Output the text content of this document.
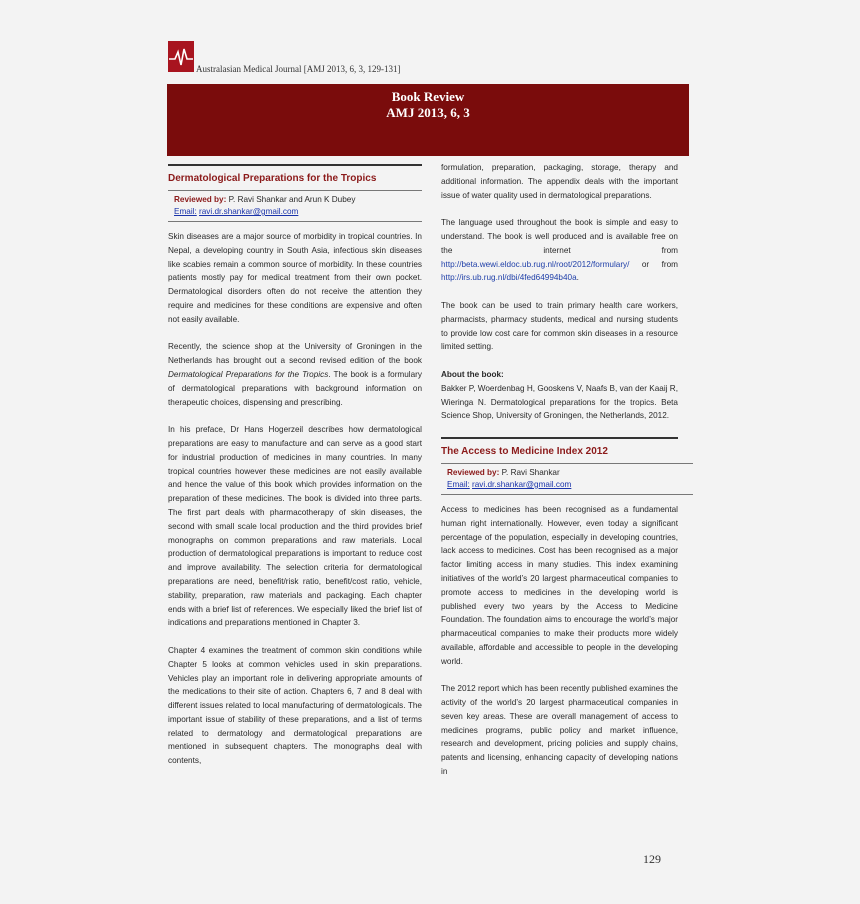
Australasian Medical Journal [AMJ 2013, 6, 3, 129-131]
Book Review
AMJ 2013, 6, 3
Dermatological Preparations for the Tropics
Reviewed by: P. Ravi Shankar and Arun K Dubey
Email: ravi.dr.shankar@gmail.com

Skin diseases are a major source of morbidity in tropical countries. In Nepal, a developing country in South Asia, infectious skin diseases like scabies remain a common source of morbidity. In these countries patients mostly pay for medical treatment from their own pocket. Dermatological disorders often do not receive the attention they require and medicines for these conditions are expensive and often not easily available.

Recently, the science shop at the University of Groningen in the Netherlands has brought out a second revised edition of the book Dermatological Preparations for the Tropics. The book is a formulary of dermatological preparations with background information on therapeutic choices, dispensing and prescribing.

In his preface, Dr Hans Hogerzeil describes how dermatological preparations are easy to manufacture and can serve as a good start for industrial production of medicines in many countries. In many tropical countries however these medicines are not easily available and hence the value of this book which provides information on the preparation of these medicines. The book is divided into three parts. The first part deals with pharmacotherapy of skin diseases, the second with small scale local production and the third provides brief monographs on common preparations and raw materials. Local production of dermatological preparations is important to reduce cost and improve availability. The selection criteria for dermatological preparations are need, benefit/risk ratio, benefit/cost ratio, vehicle, stability, preparation, raw materials and packaging. Each chapter ends with a brief list of references. We especially liked the brief list of indications and preparations mentioned in Chapter 3.

Chapter 4 examines the treatment of common skin conditions while Chapter 5 looks at common vehicles used in skin preparations. Vehicles play an important role in delivering appropriate amounts of the medications to their site of action. Chapters 6, 7 and 8 deal with different issues related to local manufacturing of dermatologicals. The important issue of stability of these preparations, and a list of terms related to dermatology and dermatological preparations are mentioned in subsequent chapters. The monographs deal with contents,

formulation, preparation, packaging, storage, therapy and additional information. The appendix deals with the important issue of water quality used in dermatological preparations.

The language used throughout the book is simple and easy to understand. The book is well produced and is available free on the internet from http://beta.wewi.eldoc.ub.rug.nl/root/2012/formulary/ or from http://irs.ub.rug.nl/dbi/4fed64994b40a.

The book can be used to train primary health care workers, pharmacists, pharmacy students, medical and nursing students to provide low cost care for common skin diseases in a resource limited setting.

About the book:

Bakker P, Woerdenbag H, Gooskens V, Naafs B, van der Kaaij R, Wieringa N. Dermatological preparations for the tropics. Beta Science Shop, University of Groningen, the Netherlands, 2012.

The Access to Medicine Index 2012
Reviewed by: P. Ravi Shankar
Email: ravi.dr.shankar@gmail.com

Access to medicines has been recognised as a fundamental human right internationally. However, even today a significant percentage of the population, especially in developing countries, lack access to medicines. Cost has been recognised as a major factor limiting access in many studies. This index examining initiatives of the world’s 20 largest pharmaceutical companies to promote access to medicines in the developing world is published every two years by the Access to Medicine Foundation. The foundation aims to encourage the world’s major pharmaceutical companies to make their products more widely available, affordable and accessible to people in the developing world.

The 2012 report which has been recently published examines the activity of the world’s 20 largest pharmaceutical companies in seven key areas. These are overall management of access to medicines programs, public policy and market influence, research and development, pricing policies and supply chains, patents and licensing, enhancing capacity of developing nations in

129
